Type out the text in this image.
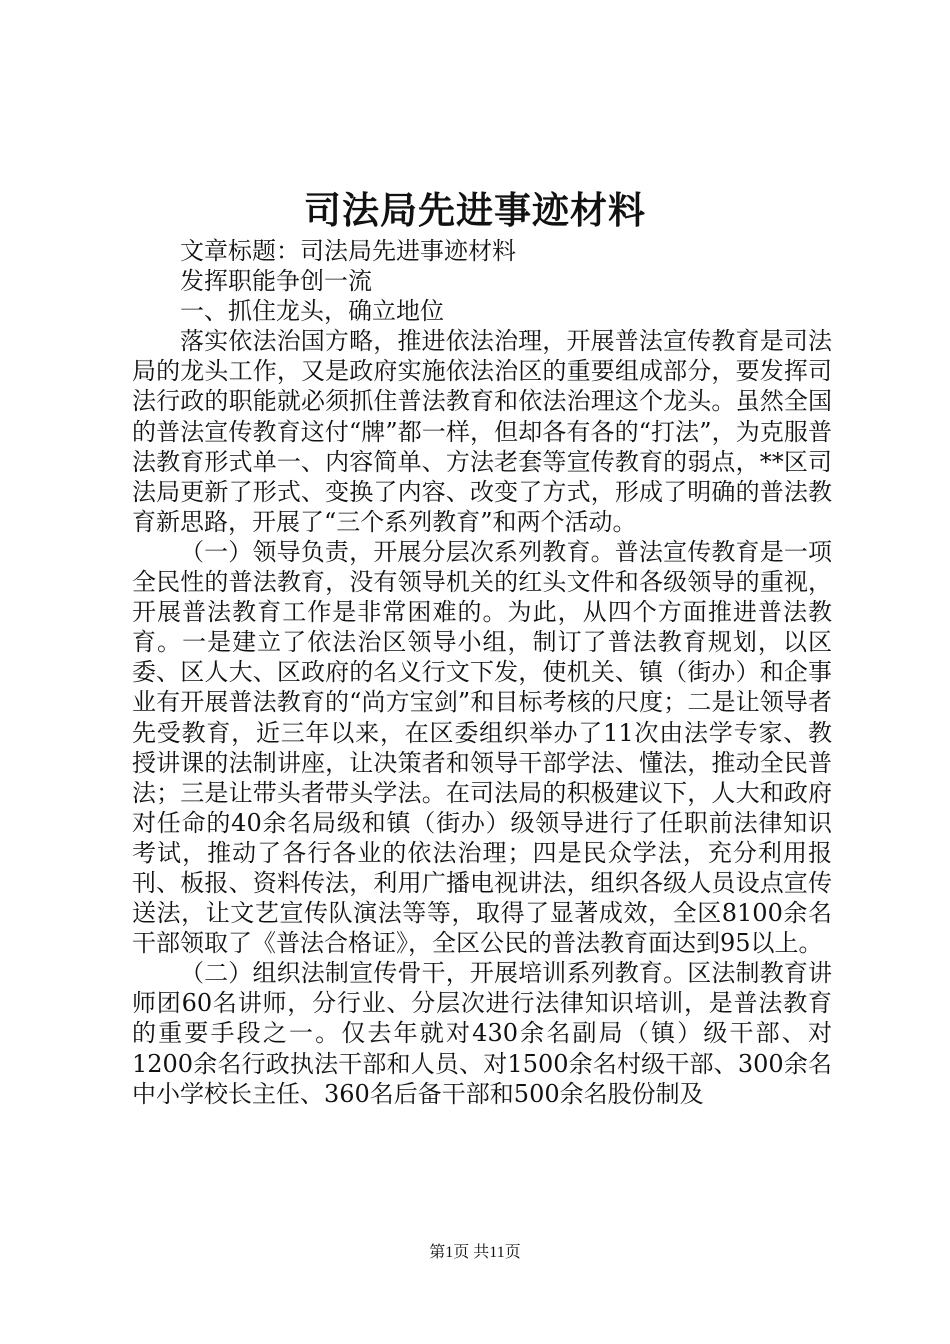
司法局先进事迹材料

文章标题：司法局先进事迹材料

发挥职能争创一流

一、抓住龙头，确立地位

落实依法治国方略，推进依法治理，开展普法宣传教育是司法局的龙头工作，又是政府实施依法治区的重要组成部分，要发挥司法行政的职能就必须抓住普法教育和依法治理这个龙头。虽然全国的普法宣传教育这付“牌”都一样，但却各有各的“打法”，为克服普法教育形式单一、内容简单、方法老套等宣传教育的弱点，**区司法局更新了形式、变换了内容、改变了方式，形成了明确的普法教育新思路，开展了“三个系列教育”和两个活动。

（一）领导负责，开展分层次系列教育。普法宣传教育是一项全民性的普法教育，没有领导机关的红头文件和各级领导的重视，开展普法教育工作是非常困难的。为此，从四个方面推进普法教育。一是建立了依法治区领导小组，制订了普法教育规划，以区委、区人大、区政府的名义行文下发，使机关、镇（街办）和企事业有开展普法教育的“尚方宝剑”和目标考核的尺度；二是让领导者先受教育，近三年以来，在区委组织举办了11次由法学专家、教授讲课的法制讲座，让决策者和领导干部学法、懂法，推动全民普法；三是让带头者带头学法。在司法局的积极建议下，人大和政府对任命的40余名局级和镇（街办）级领导进行了任职前法律知识考试，推动了各行各业的依法治理；四是民众学法，充分利用报刊、板报、资料传法，利用广播电视讲法，组织各级人员设点宣传送法，让文艺宣传队演法等等，取得了显著成效，全区8100余名干部领取了《普法合格证》，全区公民的普法教育面达到95以上。

（二）组织法制宣传骨干，开展培训系列教育。区法制教育讲师团60名讲师，分行业、分层次进行法律知识培训，是普法教育的重要手段之一。仅去年就对430余名副局（镇）级干部、对1200余名行政执法干部和人员、对1500余名村级干部、300余名中小学校长主任、360名后备干部和500余名股份制及

第1页 共11页
